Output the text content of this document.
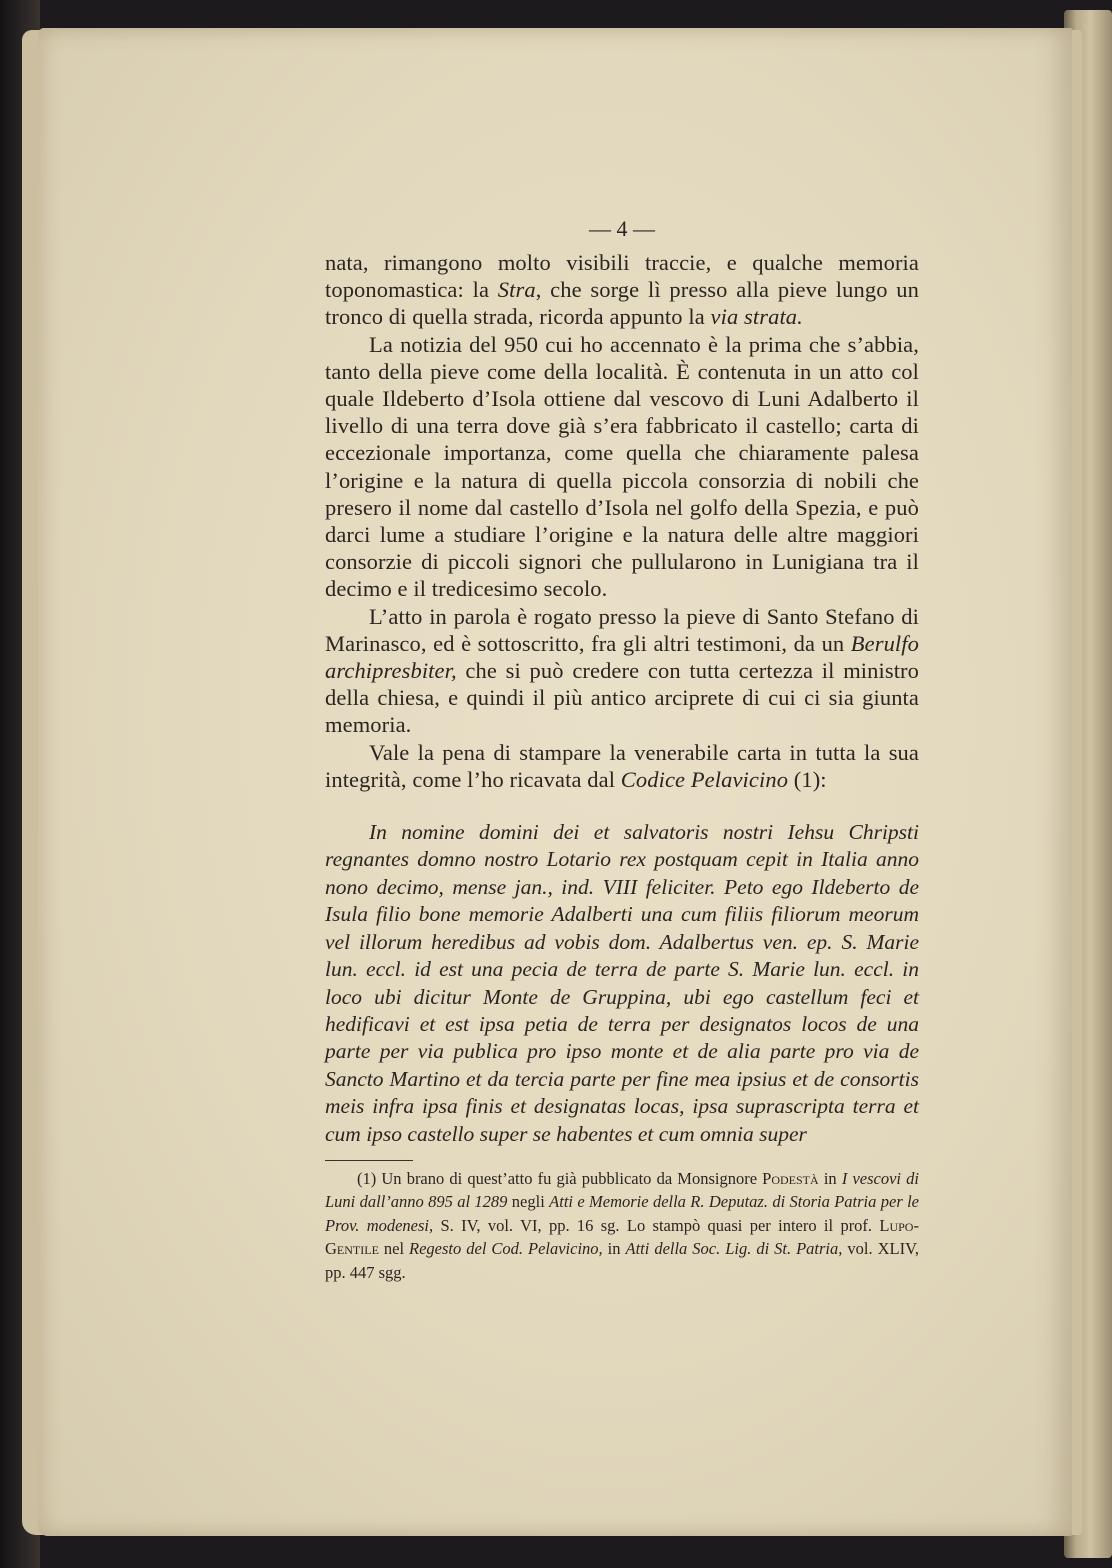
— 4 —

nata, rimangono molto visibili traccie, e qualche memoria toponomastica: la Stra, che sorge lì presso alla pieve lungo un tronco di quella strada, ricorda appunto la via strata.

La notizia del 950 cui ho accennato è la prima che s’abbia, tanto della pieve come della località. È contenuta in un atto col quale Ildeberto d’Isola ottiene dal vescovo di Luni Adalberto il livello di una terra dove già s’era fabbricato il castello; carta di eccezionale importanza, come quella che chiaramente palesa l’origine e la natura di quella piccola consorzia di nobili che presero il nome dal castello d’Isola nel golfo della Spezia, e può darci lume a studiare l’origine e la natura delle altre maggiori consorzie di piccoli signori che pullularono in Lunigiana tra il decimo e il tredicesimo secolo.

L’atto in parola è rogato presso la pieve di Santo Stefano di Marinasco, ed è sottoscritto, fra gli altri testimoni, da un Berulfo archipresbiter, che si può credere con tutta certezza il ministro della chiesa, e quindi il più antico arciprete di cui ci sia giunta memoria.

Vale la pena di stampare la venerabile carta in tutta la sua integrità, come l’ho ricavata dal Codice Pelavicino (1):

In nomine domini dei et salvatoris nostri Iehsu Chripsti regnantes domno nostro Lotario rex postquam cepit in Italia anno nono decimo, mense jan., ind. VIII feliciter. Peto ego Ildeberto de Isula filio bone memorie Adalberti una cum filiis filiorum meorum vel illorum heredibus ad vobis dom. Adalbertus ven. ep. S. Marie lun. eccl. id est una pecia de terra de parte S. Marie lun. eccl. in loco ubi dicitur Monte de Gruppina, ubi ego castellum feci et hedificavi et est ipsa petia de terra per designatos locos de una parte per via publica pro ipso monte et de alia parte pro via de Sancto Martino et da tercia parte per fine mea ipsius et de consortis meis infra ipsa finis et designatas locas, ipsa suprascripta terra et cum ipso castello super se habentes et cum omnia super

(1) Un brano di quest’atto fu già pubblicato da Monsignore Podestà in I vescovi di Luni dall’anno 895 al 1289 negli Atti e Memorie della R. Deputaz. di Storia Patria per le Prov. modenesi, S. IV, vol. VI, pp. 16 sg. Lo stampò quasi per intero il prof. Lupo-Gentile nel Regesto del Cod. Pelavicino, in Atti della Soc. Lig. di St. Patria, vol. XLIV, pp. 447 sgg.
